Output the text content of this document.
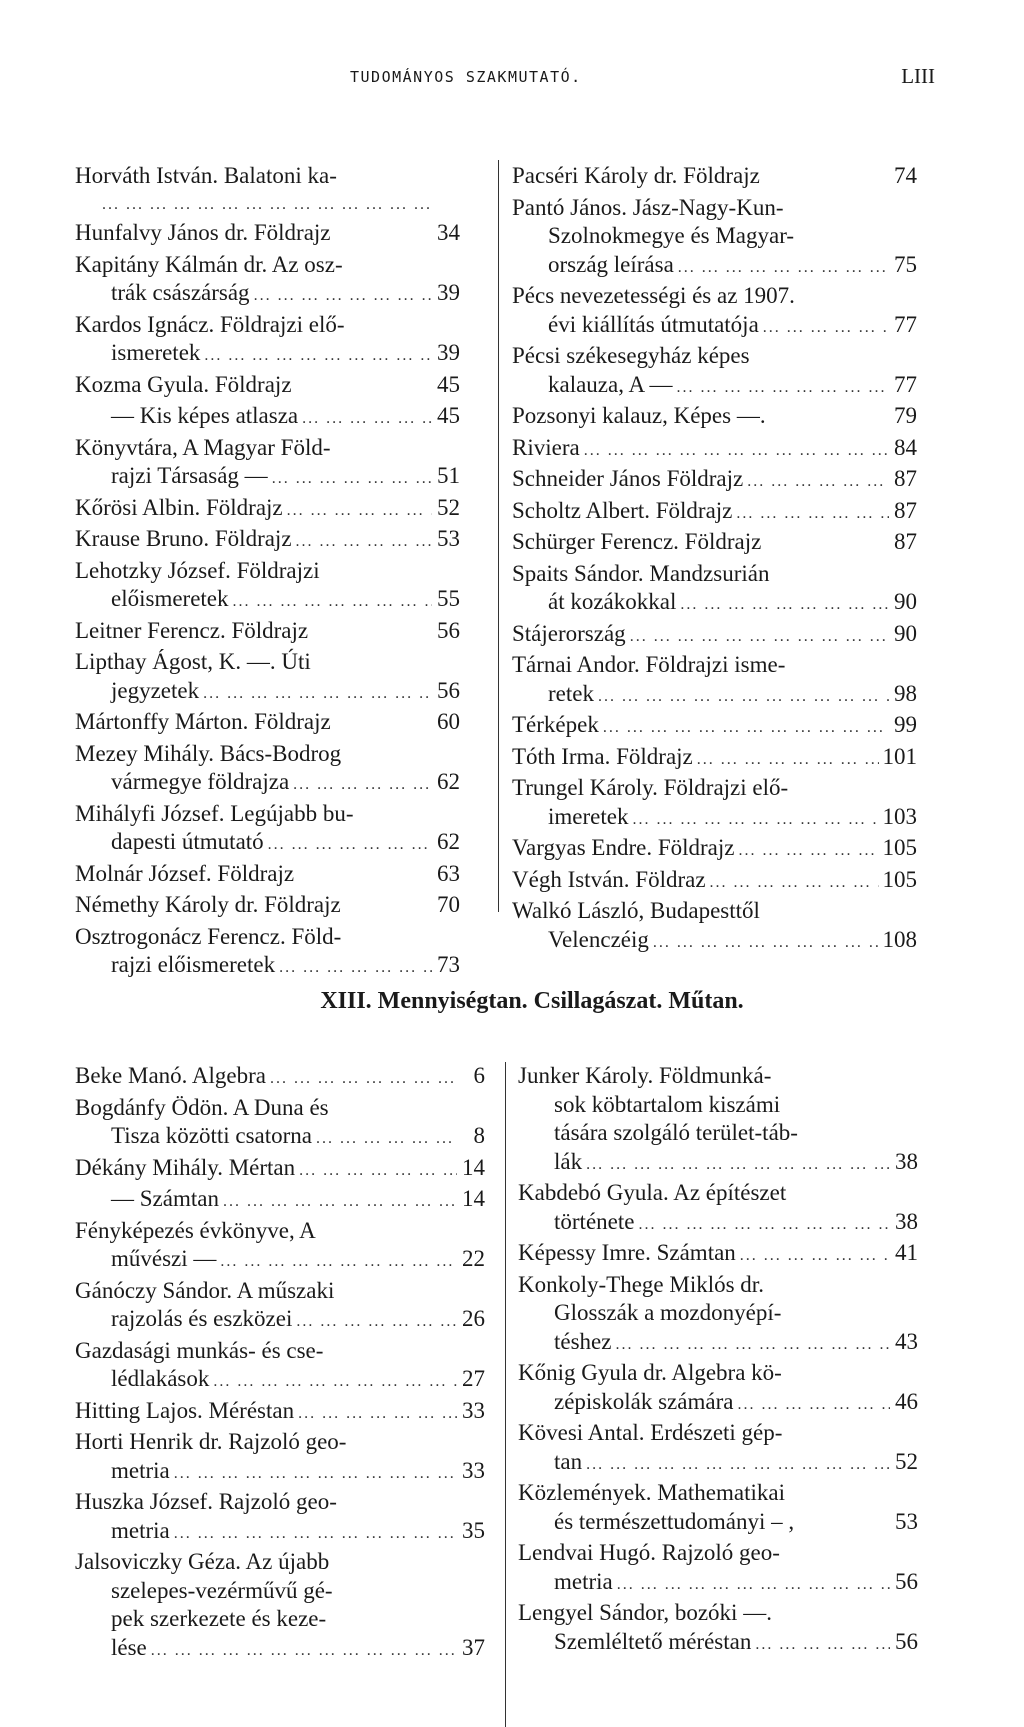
TUDOMÁNYOS SZAKMUTATÓ.	LIII
Horváth István. Balatoni ka-
... .
Hunfalvy János dr. Földrajz	34
Kapitány Kálmán dr. Az osz-
trák császárság ... .	39
Kardos Ignácz. Földrajzi elő-
ismeretek ... .	39
Kozma Gyula. Földrajz	45
— Kis képes atlasza ... .	45
Könyvtára, A Magyar Föld-
rajzi Társaság — ... .	51
Kőrösi Albin. Földrajz ... .	52
Krause Bruno. Földrajz ... .	53
Lehotzky József. Földrajzi
előismeretek ... .	55
Leitner Ferencz. Földrajz	56
Lipthay Ágost, K. —. Úti
jegyzetek ... .	56
Mártonffy Márton. Földrajz	60
Mezey Mihály. Bács-Bodrog
vármegye földrajza ... .	62
Mihályfi József. Legújabb bu-
dapesti útmutató ... .	62
Molnár József. Földrajz	63
Némethy Károly dr. Földrajz	70
Osztrogonácz Ferencz. Föld-
rajzi előismeretek ... .	73
Pacséri Károly dr. Földrajz	74
Pantó János. Jász-Nagy-Kun-
Szolnokmegye és Magyar-
ország leírása ... .	75
Pécs nevezetességi és az 1907.
évi kiállítás útmutatója ... .	77
Pécsi székesegyház képes
kalauza, A — ... .	77
Pozsonyi kalauz, Képes —.	79
Riviera ... .	84
Schneider János Földrajz ... .	87
Scholtz Albert. Földrajz ... .	87
Schürger Ferencz. Földrajz	87
Spaits Sándor. Mandzsurián
át kozákokkal ... .	90
Stájerország ... .	90
Tárnai Andor. Földrajzi isme-
retek ... .	98
Térképek ... .	99
Tóth Irma. Földrajz ... .	101
Trungel Károly. Földrajzi elő-
imeretek ... .	103
Vargyas Endre. Földrajz ... .	105
Végh István. Földraz ... .	105
Walkó László, Budapesttől
Velenczéig ... .	108
XIII. Mennyiségtan. Csillagászat. Műtan.
Beke Manó. Algebra ... .	6
Bogdánfy Ödön. A Duna és
Tisza közötti csatorna ... .	8
Dékány Mihály. Mértan ... .	14
— Számtan ... .	14
Fényképezés évkönyve, A
művészi — ... .	22
Gánóczy Sándor. A műszaki
rajzolás és eszközei ... .	26
Gazdasági munkás- és cse-
lédlakások ... .	27
Hitting Lajos. Méréstan ... .	33
Horti Henrik dr. Rajzoló geo-
metria ... .	33
Huszka József. Rajzoló geo-
metria ... .	35
Jalsoviczky Géza. Az újabb
szelepes-vezérművű gé-
pek szerkezete és keze-
lése ... .	37
Junker Károly. Földmunká-
sok köbtartalom kiszámi
tására szolgáló terület-táb-
lák ... .	38
Kabdebó Gyula. Az építészet
története ... .	38
Képessy Imre. Számtan ... .	41
Konkoly-Thege Miklós dr.
Glosszák a mozdonyépí-
téshez ... .	43
Kőnig Gyula dr. Algebra kö-
zépiskolák számára ... .	46
Kövesi Antal. Erdészeti gép-
tan ... .	52
Közlemények. Mathematikai
és természettudományi – ,	53
Lendvai Hugó. Rajzoló geo-
metria ... .	56
Lengyel Sándor, bozóki —.
Szemléltető méréstan ... .	56
